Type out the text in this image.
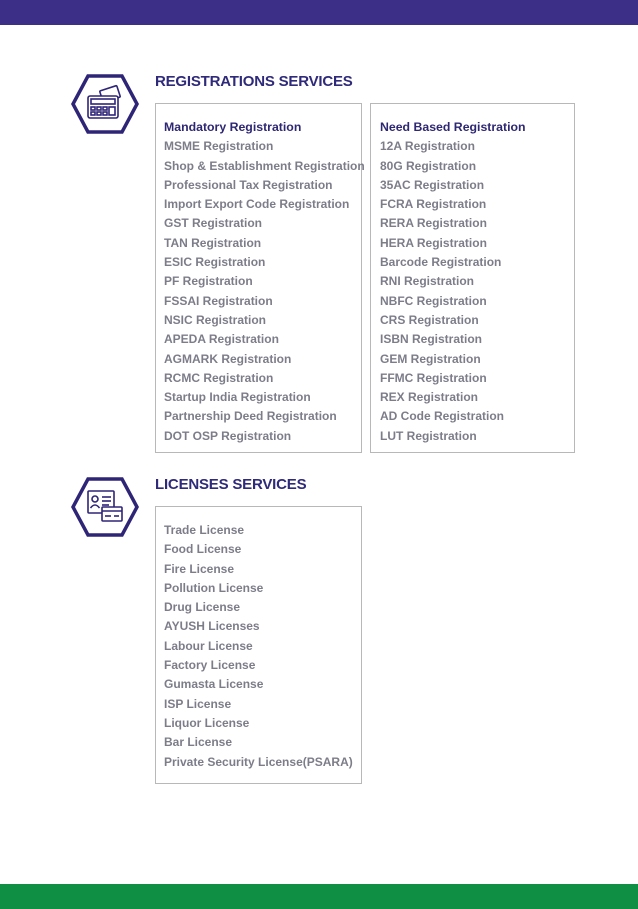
REGISTRATIONS SERVICES
Mandatory Registration
MSME Registration
Shop & Establishment Registration
Professional Tax Registration
Import Export Code Registration
GST Registration
TAN Registration
ESIC Registration
PF Registration
FSSAI Registration
NSIC Registration
APEDA Registration
AGMARK Registration
RCMC Registration
Startup India Registration
Partnership Deed Registration
DOT OSP Registration
Need Based Registration
12A Registration
80G Registration
35AC Registration
FCRA Registration
RERA Registration
HERA Registration
Barcode Registration
RNI Registration
NBFC Registration
CRS Registration
ISBN Registration
GEM Registration
FFMC Registration
REX Registration
AD Code Registration
LUT Registration
LICENSES SERVICES
Trade License
Food License
Fire License
Pollution License
Drug License
AYUSH Licenses
Labour License
Factory License
Gumasta License
ISP License
Liquor License
Bar License
Private Security License(PSARA)
